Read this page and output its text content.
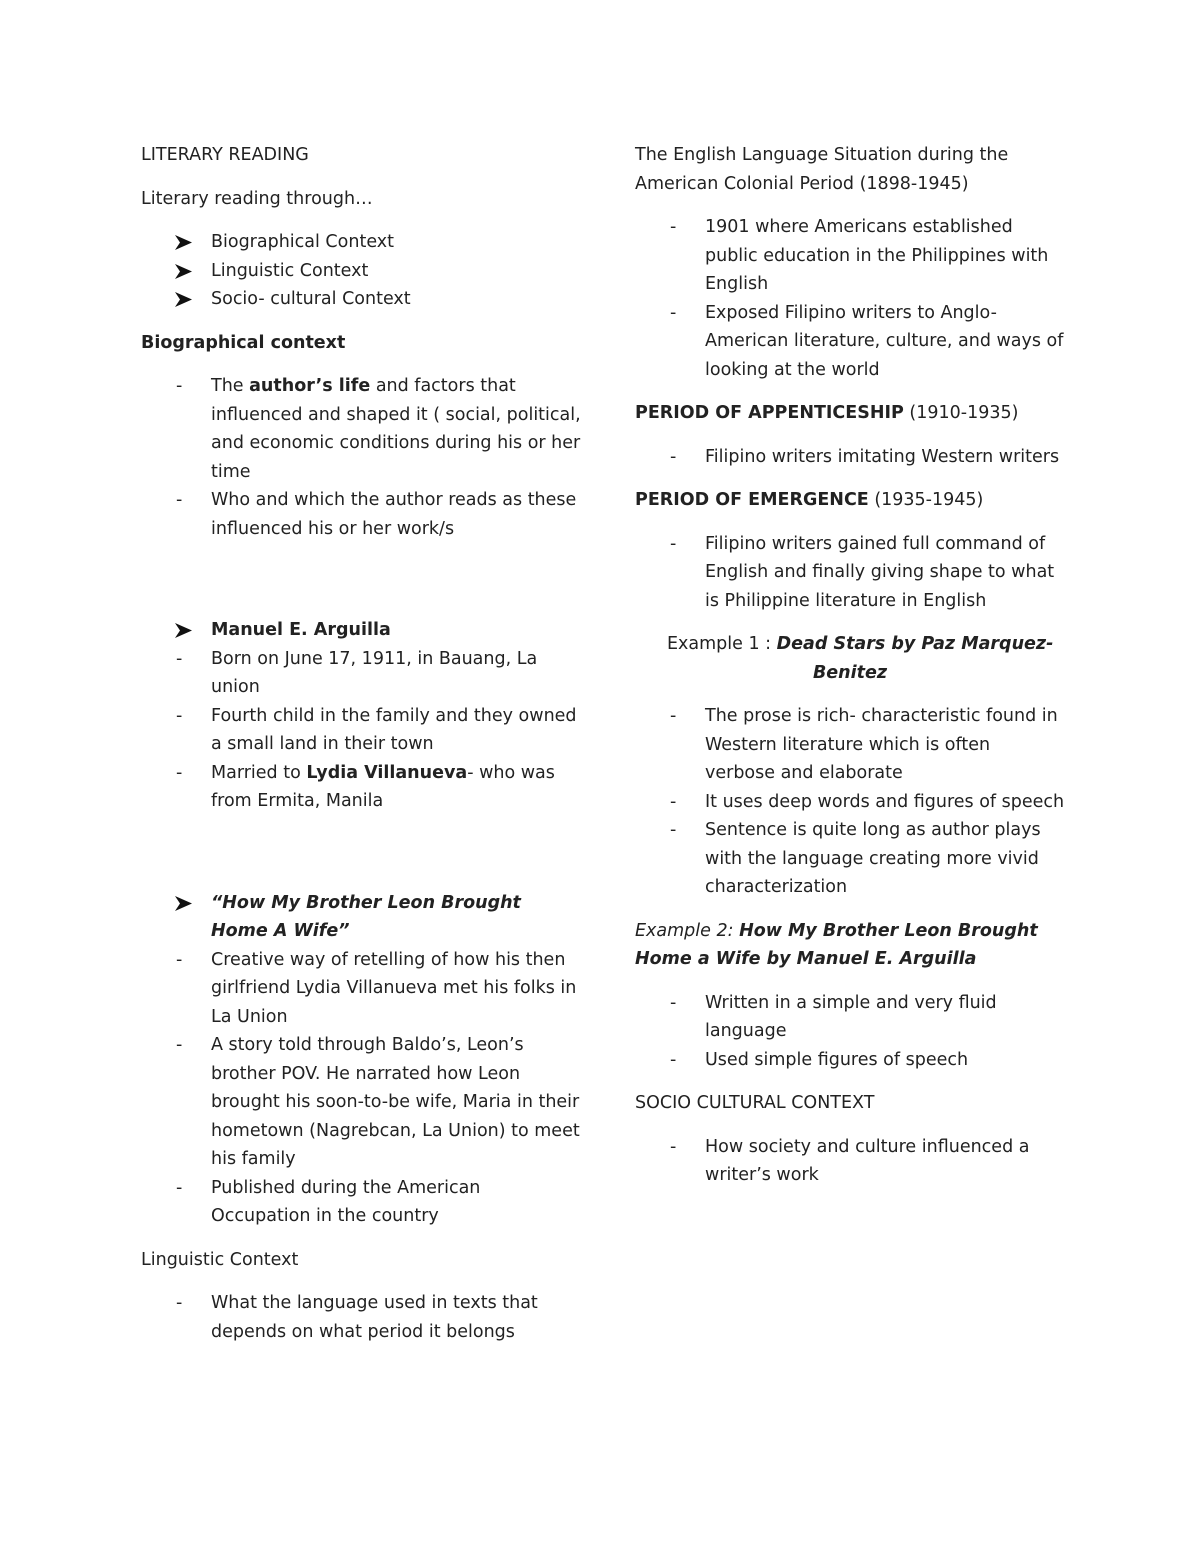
LITERARY READING

Literary reading through…

Biographical Context
Linguistic Context
Socio- cultural Context

Biographical context

- The author’s life and factors that influenced and shaped it ( social, political, and economic conditions during his or her time
- Who and which the author reads as these influenced his or her work/s
Manuel E. Arguilla
- Born on June 17, 1911, in Bauang, La union
- Fourth child in the family and they owned a small land in their town
- Married to Lydia Villanueva- who was from Ermita, Manila
“How My Brother Leon Brought Home A Wife”
- Creative way of retelling of how his then girlfriend Lydia Villanueva met his folks in La Union
- A story told through Baldo’s, Leon’s brother POV. He narrated how Leon brought his soon-to-be wife, Maria in their hometown (Nagrebcan, La Union) to meet his family
- Published during the American Occupation in the country

Linguistic Context

- What the language used in texts that depends on what period it belongs

The English Language Situation during the American Colonial Period (1898-1945)

- 1901 where Americans established public education in the Philippines with English
- Exposed Filipino writers to Anglo-American literature, culture, and ways of looking at the world

PERIOD OF APPENTICESHIP (1910-1935)

- Filipino writers imitating Western writers

PERIOD OF EMERGENCE (1935-1945)

- Filipino writers gained full command of English and finally giving shape to what is Philippine literature in English

Example 1 : Dead Stars by Paz Marquez-
Benitez

- The prose is rich- characteristic found in Western literature which is often verbose and elaborate
- It uses deep words and figures of speech
- Sentence is quite long as author plays with the language creating more vivid characterization

Example 2: How My Brother Leon Brought Home a Wife by Manuel E. Arguilla

- Written in a simple and very fluid language
- Used simple figures of speech

SOCIO CULTURAL CONTEXT

- How society and culture influenced a writer’s work
